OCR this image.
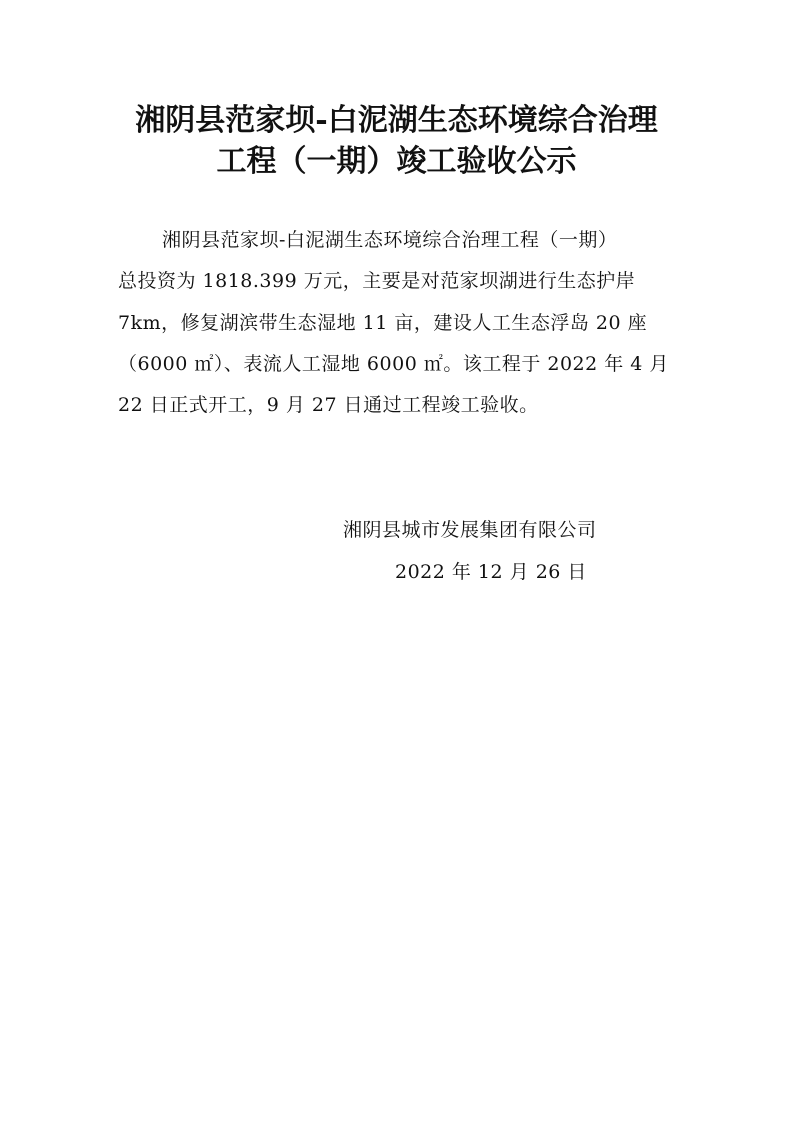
湘阴县范家坝-白泥湖生态环境综合治理
工程（一期）竣工验收公示
湘阴县范家坝-白泥湖生态环境综合治理工程（一期）
总投资为 1818.399 万元，主要是对范家坝湖进行生态护岸
7km，修复湖滨带生态湿地 11 亩，建设人工生态浮岛 20 座
（6000 ㎡）、表流人工湿地 6000 ㎡。该工程于 2022 年 4 月
22 日正式开工，9 月 27 日通过工程竣工验收。
湘阴县城市发展集团有限公司
2022 年 12 月 26 日
